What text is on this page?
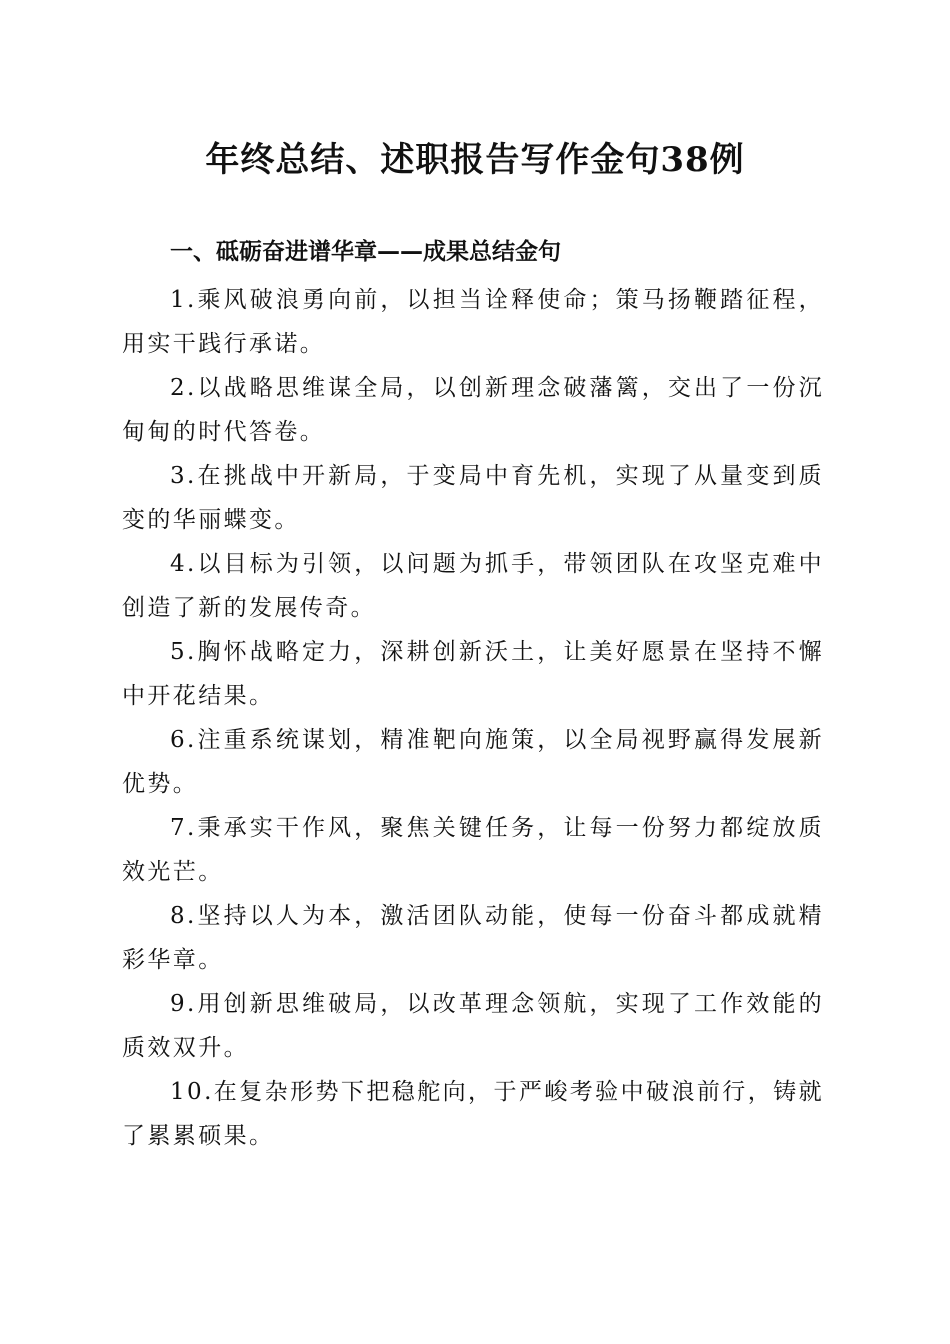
年终总结、述职报告写作金句38例
一、砥砺奋进谱华章——成果总结金句
1.乘风破浪勇向前，以担当诠释使命；策马扬鞭踏征程，用实干践行承诺。
2.以战略思维谋全局，以创新理念破藩篱，交出了一份沉甸甸的时代答卷。
3.在挑战中开新局，于变局中育先机，实现了从量变到质变的华丽蝶变。
4.以目标为引领，以问题为抓手，带领团队在攻坚克难中创造了新的发展传奇。
5.胸怀战略定力，深耕创新沃土，让美好愿景在坚持不懈中开花结果。
6.注重系统谋划，精准靶向施策，以全局视野赢得发展新优势。
7.秉承实干作风，聚焦关键任务，让每一份努力都绽放质效光芒。
8.坚持以人为本，激活团队动能，使每一份奋斗都成就精彩华章。
9.用创新思维破局，以改革理念领航，实现了工作效能的质效双升。
10.在复杂形势下把稳舵向，于严峻考验中破浪前行，铸就了累累硕果。
